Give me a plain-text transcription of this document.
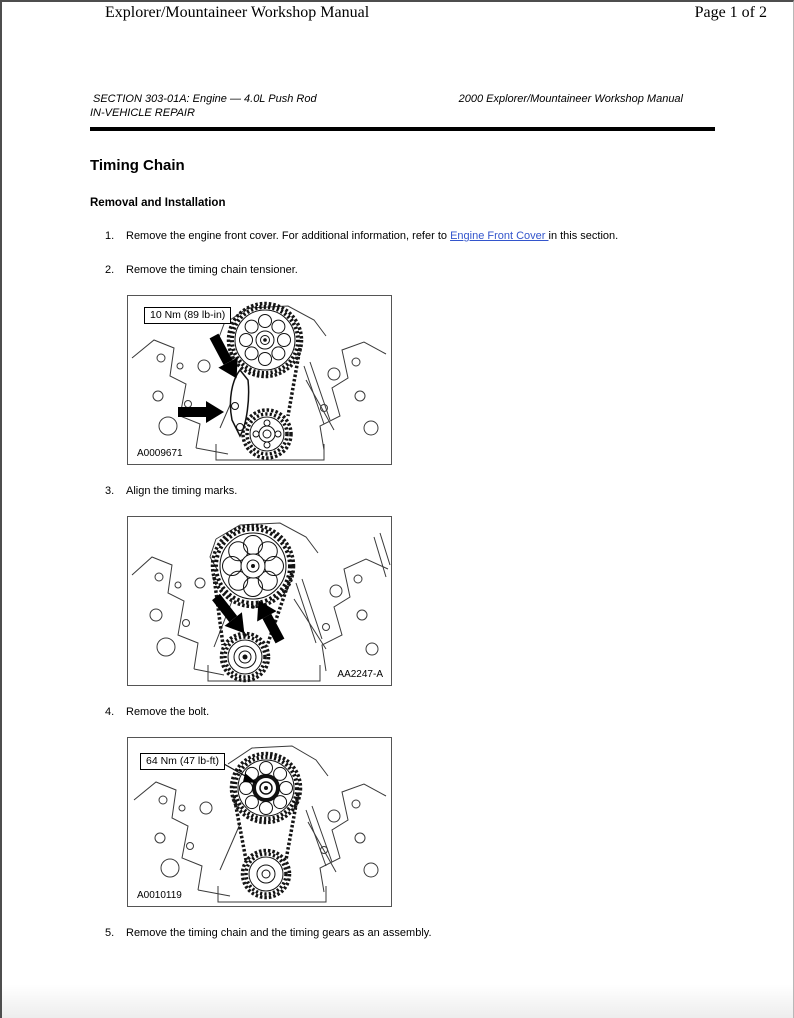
Explorer/Mountaineer Workshop Manual	Page 1 of 2
SECTION 303-01A: Engine — 4.0L Push Rod
IN-VEHICLE REPAIR
2000 Explorer/Mountaineer Workshop Manual
Timing Chain
Removal and Installation
1.	Remove the engine front cover. For additional information, refer to Engine Front Cover in this section.
2.	Remove the timing chain tensioner.
10 Nm (89 lb-in)
A0009671
3.	Align the timing marks.
AA2247-A
4.	Remove the bolt.
64 Nm (47 lb-ft)
A0010119
5.	Remove the timing chain and the timing gears as an assembly.
